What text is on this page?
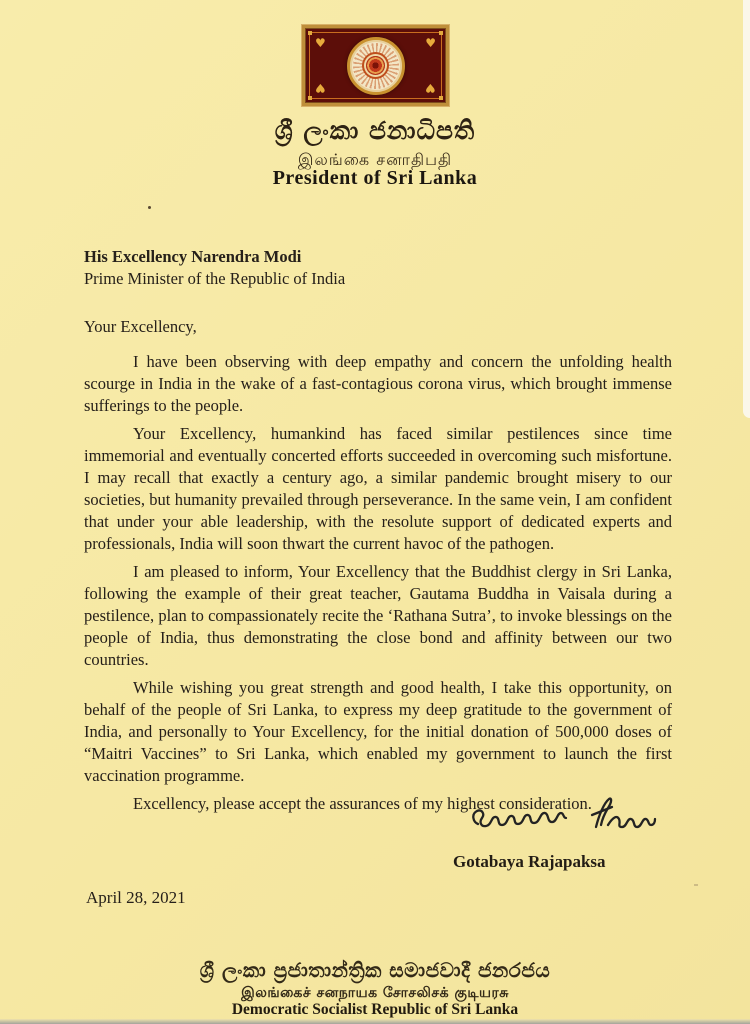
♥	♥
♥	♥
ශ්‍රී ලංකා ජනාධිපති
இலங்கை சனாதிபதி
President of Sri Lanka
His Excellency Narendra Modi
Prime Minister of the Republic of India
Your Excellency,

I have been observing with deep empathy and concern the unfolding health scourge in India in the wake of a fast-contagious corona virus, which brought immense sufferings to the people.

Your Excellency, humankind has faced similar pestilences since time immemorial and eventually concerted efforts succeeded in overcoming such misfortune. I may recall that exactly a century ago, a similar pandemic brought misery to our societies, but humanity prevailed through perseverance. In the same vein, I am confident that under your able leadership, with the resolute support of dedicated experts and professionals, India will soon thwart the current havoc of the pathogen.

I am pleased to inform, Your Excellency that the Buddhist clergy in Sri Lanka, following the example of their great teacher, Gautama Buddha in Vaisala during a pestilence, plan to compassionately recite the ‘Rathana Sutra’, to invoke blessings on the people of India, thus demonstrating the close bond and affinity between our two countries.

While wishing you great strength and good health, I take this opportunity, on behalf of the people of Sri Lanka, to express my deep gratitude to the government of India, and personally to Your Excellency, for the initial donation of 500,000 doses of “Maitri Vaccines” to Sri Lanka, which enabled my government to launch the first vaccination programme.

Excellency, please accept the assurances of my highest consideration.

Gotabaya Rajapaksa
April 28, 2021
ශ්‍රී ලංකා ප්‍රජාතාන්ත්‍රික සමාජවාදී ජනරජය
இலங்கைச் சனநாயக சோசலிசக் குடியரசு
Democratic Socialist Republic of Sri Lanka
